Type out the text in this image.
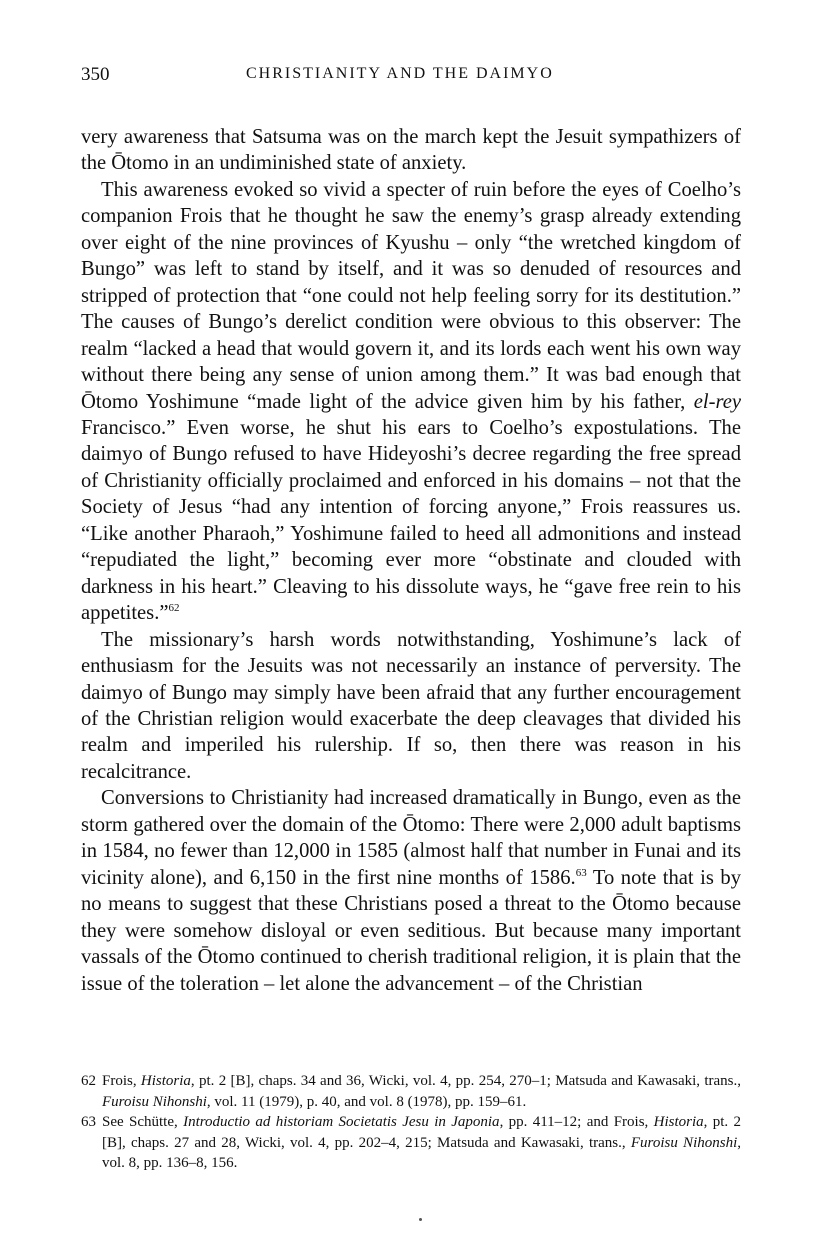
350	CHRISTIANITY AND THE DAIMYO

very awareness that Satsuma was on the march kept the Jesuit sympathizers of the Ōtomo in an undiminished state of anxiety.

This awareness evoked so vivid a specter of ruin before the eyes of Coelho’s companion Frois that he thought he saw the enemy’s grasp already extending over eight of the nine provinces of Kyushu – only “the wretched kingdom of Bungo” was left to stand by itself, and it was so denuded of resources and stripped of protection that “one could not help feeling sorry for its destitution.” The causes of Bungo’s derelict condition were obvious to this observer: The realm “lacked a head that would govern it, and its lords each went his own way without there being any sense of union among them.” It was bad enough that Ōtomo Yoshimune “made light of the advice given him by his father, el-rey Francisco.” Even worse, he shut his ears to Coelho’s expostulations. The daimyo of Bungo refused to have Hideyoshi’s decree regarding the free spread of Christianity officially proclaimed and enforced in his domains – not that the Society of Jesus “had any intention of forcing anyone,” Frois reassures us. “Like another Pharaoh,” Yoshimune failed to heed all admonitions and instead “repudiated the light,” becoming ever more “obstinate and clouded with darkness in his heart.” Cleaving to his dissolute ways, he “gave free rein to his appetites.”$^{62}$

The missionary’s harsh words notwithstanding, Yoshimune’s lack of enthusiasm for the Jesuits was not necessarily an instance of perversity. The daimyo of Bungo may simply have been afraid that any further encouragement of the Christian religion would exacerbate the deep cleavages that divided his realm and imperiled his rulership. If so, then there was reason in his recalcitrance.

Conversions to Christianity had increased dramatically in Bungo, even as the storm gathered over the domain of the Ōtomo: There were 2,000 adult baptisms in 1584, no fewer than 12,000 in 1585 (almost half that number in Funai and its vicinity alone), and 6,150 in the first nine months of 1586.63 To note that is by no means to suggest that these Christians posed a threat to the Ōtomo because they were somehow disloyal or even seditious. But because many important vassals of the Ōtomo continued to cherish traditional religion, it is plain that the issue of the toleration – let alone the advancement – of the Christian

62 Frois, Historia, pt. 2 [B], chaps. 34 and 36, Wicki, vol. 4, pp. 254, 270–1; Matsuda and Kawasaki, trans., Furoisu Nihonshi, vol. 11 (1979), p. 40, and vol. 8 (1978), pp. 159–61.

63 See Schütte, Introductio ad historiam Societatis Jesu in Japonia, pp. 411–12; and Frois, Historia, pt. 2 [B], chaps. 27 and 28, Wicki, vol. 4, pp. 202–4, 215; Matsuda and Kawasaki, trans., Furoisu Nihonshi, vol. 8, pp. 136–8, 156.
